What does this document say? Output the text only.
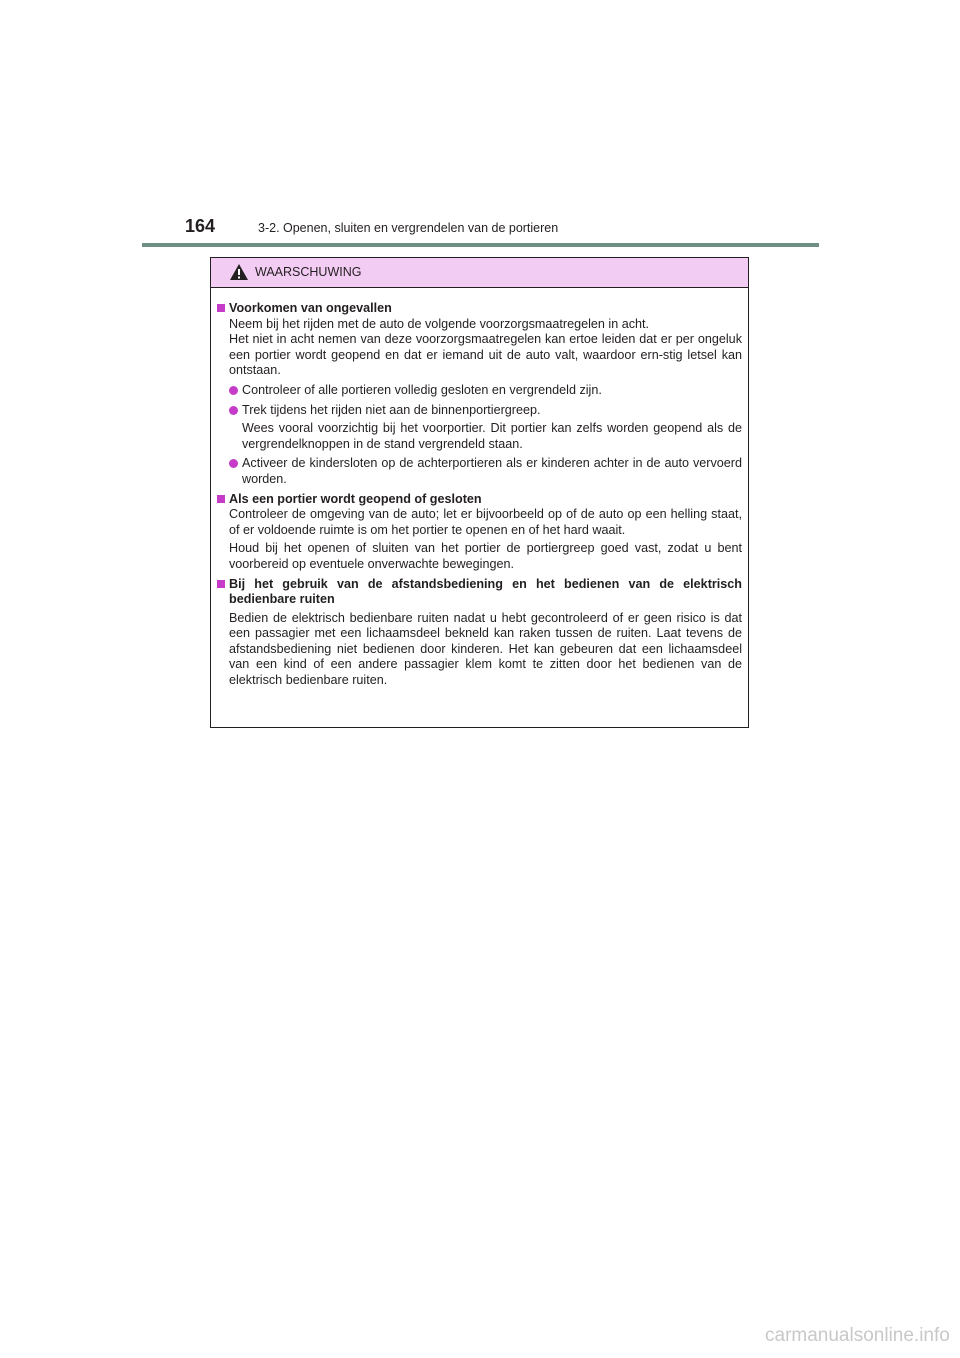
164	3-2. Openen, sluiten en vergrendelen van de portieren
WAARSCHUWING
Voorkomen van ongevallen
Neem bij het rijden met de auto de volgende voorzorgsmaatregelen in acht.
Het niet in acht nemen van deze voorzorgsmaatregelen kan ertoe leiden dat er per ongeluk een portier wordt geopend en dat er iemand uit de auto valt, waardoor ern-stig letsel kan ontstaan.
Controleer of alle portieren volledig gesloten en vergrendeld zijn.
Trek tijdens het rijden niet aan de binnenportiergreep.
Wees vooral voorzichtig bij het voorportier. Dit portier kan zelfs worden geopend als de vergrendelknoppen in de stand vergrendeld staan.
Activeer de kindersloten op de achterportieren als er kinderen achter in de auto vervoerd worden.
Als een portier wordt geopend of gesloten
Controleer de omgeving van de auto; let er bijvoorbeeld op of de auto op een helling staat, of er voldoende ruimte is om het portier te openen en of het hard waait.
Houd bij het openen of sluiten van het portier de portiergreep goed vast, zodat u bent voorbereid op eventuele onverwachte bewegingen.
Bij het gebruik van de afstandsbediening en het bedienen van de elektrisch bedienbare ruiten
Bedien de elektrisch bedienbare ruiten nadat u hebt gecontroleerd of er geen risico is dat een passagier met een lichaamsdeel bekneld kan raken tussen de ruiten. Laat tevens de afstandsbediening niet bedienen door kinderen. Het kan gebeuren dat een lichaamsdeel van een kind of een andere passagier klem komt te zitten door het bedienen van de elektrisch bedienbare ruiten.
carmanualsonline.info
